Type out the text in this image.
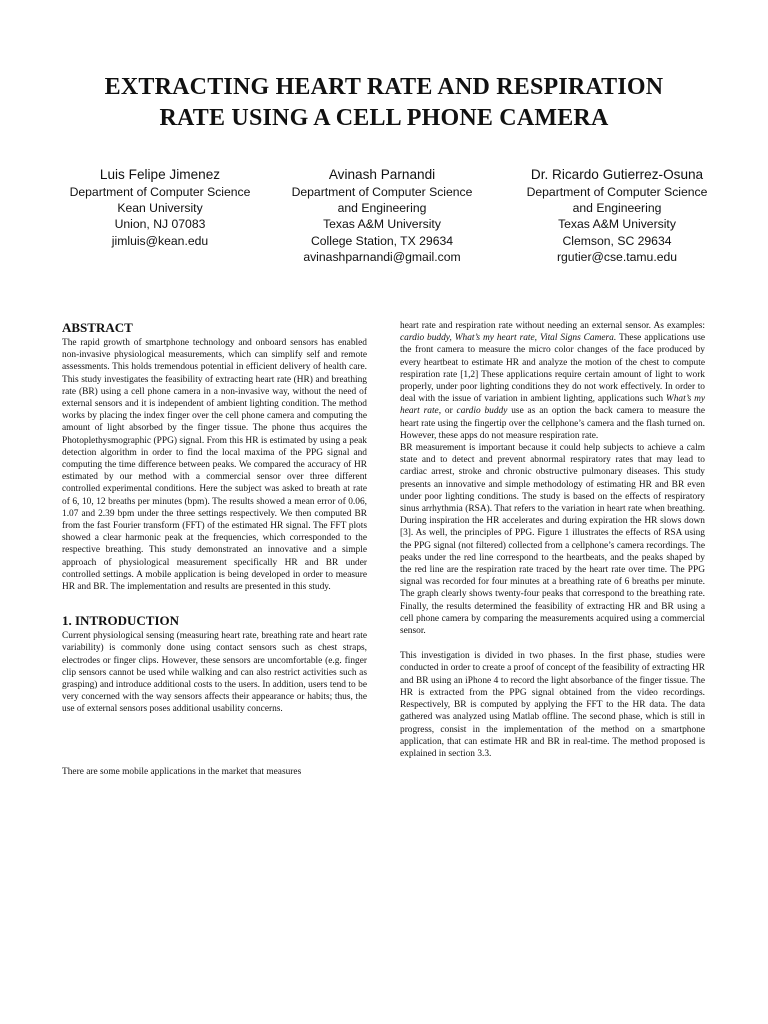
EXTRACTING HEART RATE AND RESPIRATION
RATE USING A CELL PHONE CAMERA
Luis Felipe Jimenez
Department of Computer Science
Kean University
Union, NJ 07083
jimluis@kean.edu
Avinash Parnandi
Department of Computer Science
and Engineering
Texas A&M University
College Station, TX 29634
avinashparnandi@gmail.com
Dr. Ricardo Gutierrez-Osuna
Department of Computer Science
and Engineering
Texas A&M University
Clemson, SC 29634
rgutier@cse.tamu.edu
ABSTRACT

The rapid growth of smartphone technology and onboard sensors has enabled non-invasive physiological measurements, which can simplify self and remote assessments. This holds tremendous potential in efficient delivery of health care. This study investigates the feasibility of extracting heart rate (HR) and breathing rate (BR) using a cell phone camera in a non-invasive way, without the need of external sensors and it is independent of ambient lighting condition. The method works by placing the index finger over the cell phone camera and computing the amount of light absorbed by the finger tissue. The phone thus acquires the Photoplethysmographic (PPG) signal. From this HR is estimated by using a peak detection algorithm in order to find the local maxima of the PPG signal and computing the time difference between peaks. We compared the accuracy of HR estimated by our method with a commercial sensor over three different controlled experimental conditions. Here the subject was asked to breath at rate of 6, 10, 12 breaths per minutes (bpm). The results showed a mean error of 0.06, 1.07 and 2.39 bpm under the three settings respectively. We then computed BR from the fast Fourier transform (FFT) of the estimated HR signal. The FFT plots showed a clear harmonic peak at the frequencies, which corresponded to the respective breathing. This study demonstrated an innovative and a simple approach of physiological measurement specifically HR and BR under controlled settings. A mobile application is being developed in order to measure HR and BR. The implementation and results are presented in this study.

1. INTRODUCTION

Current physiological sensing (measuring heart rate, breathing rate and heart rate variability) is commonly done using contact sensors such as chest straps, electrodes or finger clips. However, these sensors are uncomfortable (e.g. finger clip sensors cannot be used while walking and can also restrict activities such as grasping) and introduce additional costs to the users. In addition, users tend to be very concerned with the way sensors affects their appearance or habits; thus, the use of external sensors poses additional usability concerns.

There are some mobile applications in the market that measures

heart rate and respiration rate without needing an external sensor. As examples: cardio buddy, What’s my heart rate, Vital Signs Camera. These applications use the front camera to measure the micro color changes of the face produced by every heartbeat to estimate HR and analyze the motion of the chest to compute respiration rate [1,2] These applications require certain amount of light to work properly, under poor lighting conditions they do not work effectively. In order to deal with the issue of variation in ambient lighting, applications such What’s my heart rate, or cardio buddy use as an option the back camera to measure the heart rate using the fingertip over the cellphone’s camera and the flash turned on. However, these apps do not measure respiration rate.

BR measurement is important because it could help subjects to achieve a calm state and to detect and prevent abnormal respiratory rates that may lead to cardiac arrest, stroke and chronic obstructive pulmonary diseases. This study presents an innovative and simple methodology of estimating HR and BR even under poor lighting conditions. The study is based on the effects of respiratory sinus arrhythmia (RSA). That refers to the variation in heart rate when breathing. During inspiration the HR accelerates and during expiration the HR slows down [3]. As well, the principles of PPG. Figure 1 illustrates the effects of RSA using the PPG signal (not filtered) collected from a cellphone’s camera recordings. The peaks under the red line correspond to the heartbeats, and the peaks shaped by the red line are the respiration rate traced by the heart rate over time. The PPG signal was recorded for four minutes at a breathing rate of 6 breaths per minute. The graph clearly shows twenty-four peaks that correspond to the breathing rate. Finally, the results determined the feasibility of extracting HR and BR using a cell phone camera by comparing the measurements acquired using a commercial sensor.

This investigation is divided in two phases. In the first phase, studies were conducted in order to create a proof of concept of the feasibility of extracting HR and BR using an iPhone 4 to record the light absorbance of the finger tissue. The HR is extracted from the PPG signal obtained from the video recordings. Respectively, BR is computed by applying the FFT to the HR data. The data gathered was analyzed using Matlab offline. The second phase, which is still in progress, consist in the implementation of the method on a smartphone application, that can estimate HR and BR in real-time. The method proposed is explained in section 3.3.
